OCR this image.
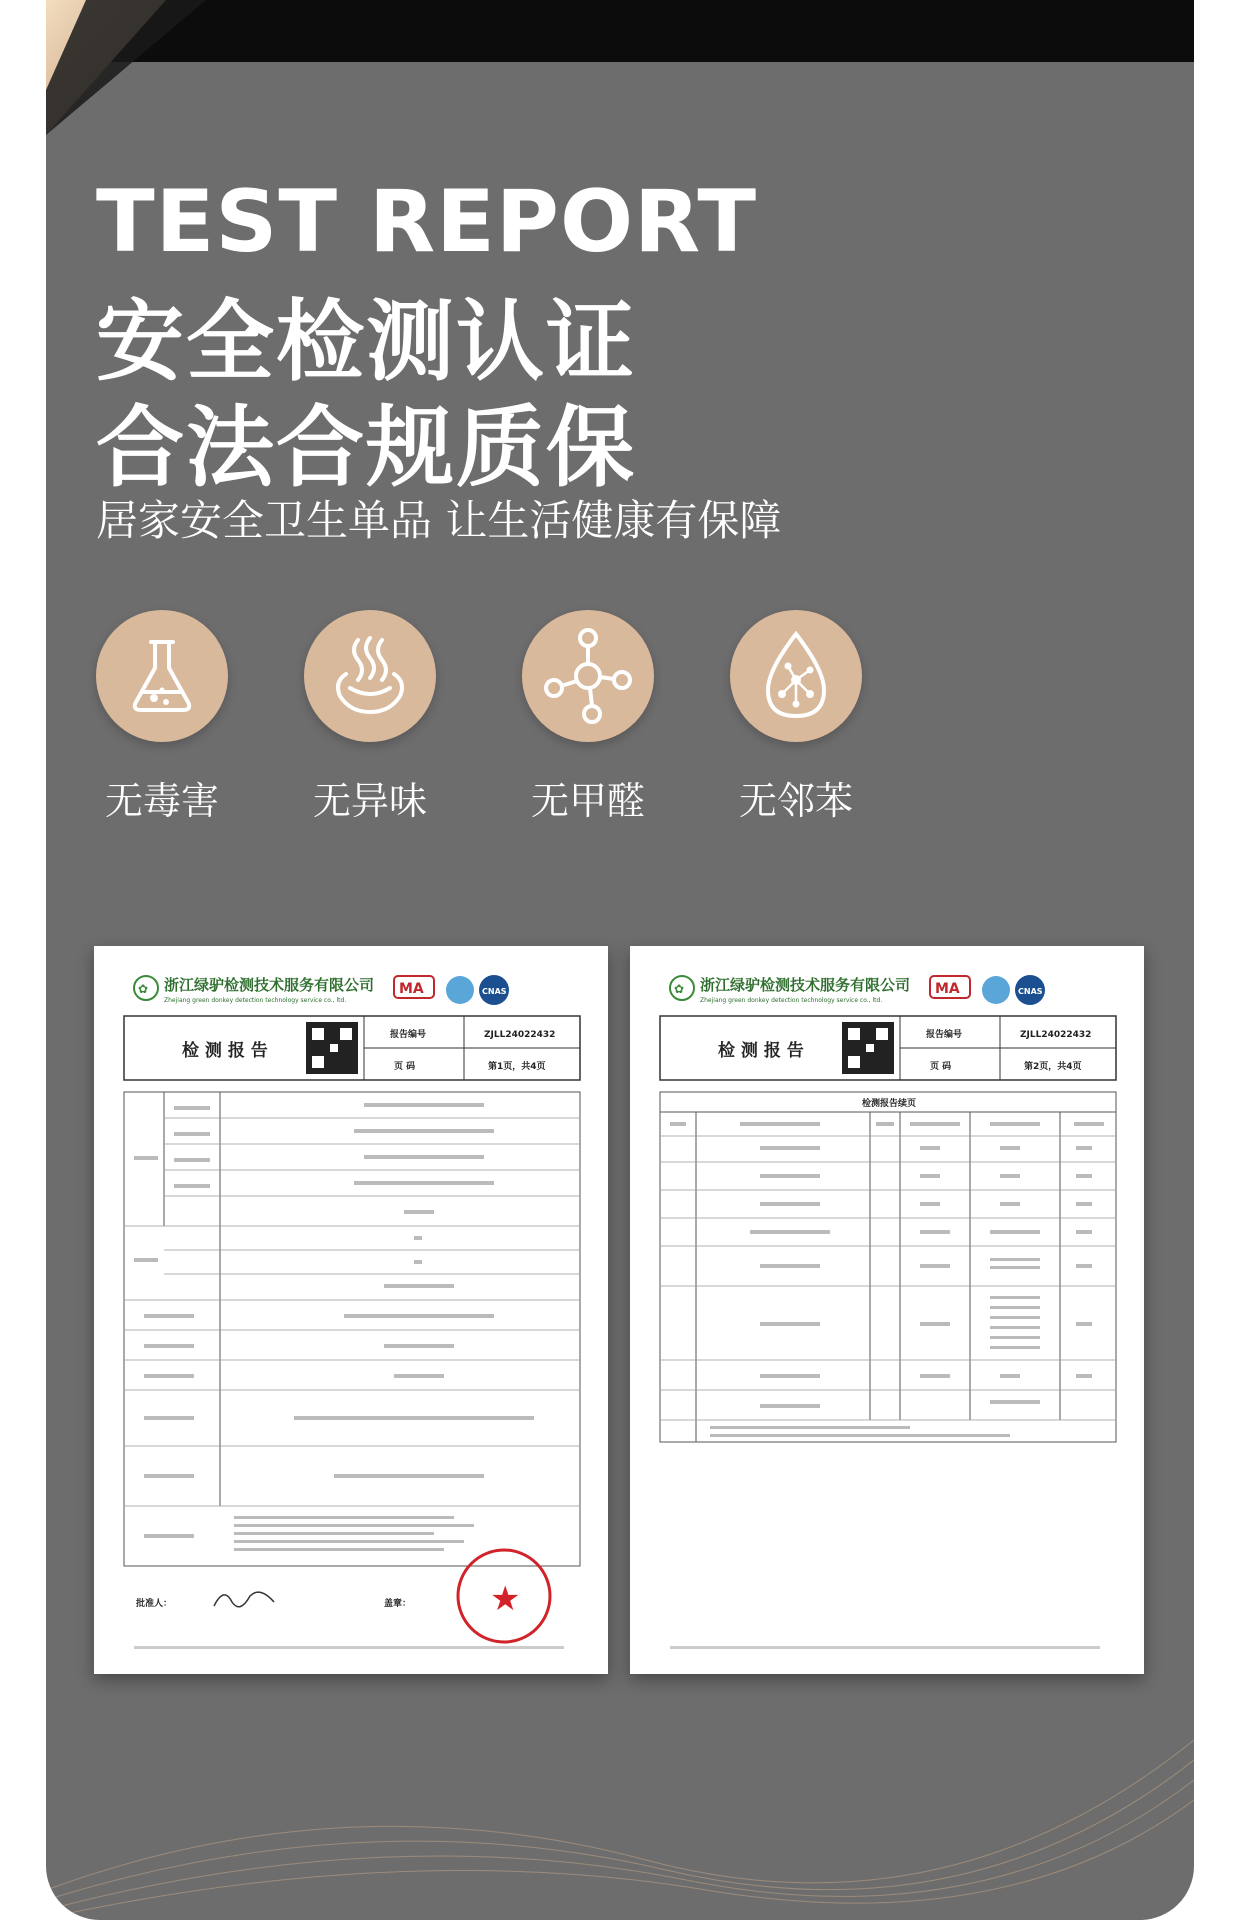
TEST REPORT
安全检测认证
合法合规质保
居家安全卫生单品 让生活健康有保障
无毒害 无异味	无甲醛 无邻苯
✿ 浙江绿驴检测技术服务有限公司
Zhejiang green donkey detection technology service co., ltd.
MA	CNAS
检 测 报 告
报告编号	ZJLL24022432
页 码	第1页，共4页
批准人：	盖章： ★
✿ 浙江绿驴检测技术服务有限公司
Zhejiang green donkey detection technology service co., ltd.
MA	CNAS
检 测 报 告
报告编号	ZJLL24022432
页 码	第2页，共4页
检测报告续页
